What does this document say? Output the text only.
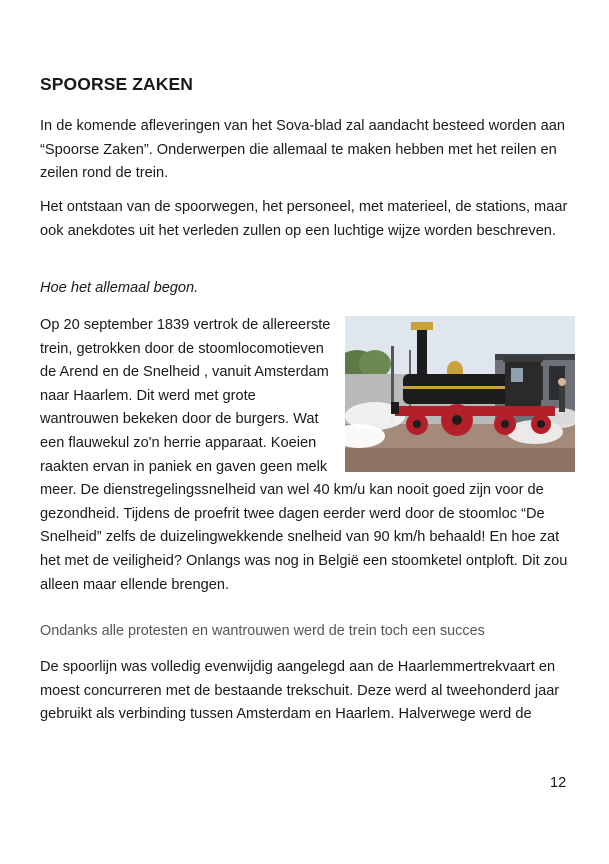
SPOORSE ZAKEN

In de komende afleveringen van het Sova-blad zal aandacht besteed worden aan “Spoorse Zaken”. Onderwerpen die allemaal te maken hebben met het reilen en zeilen rond de trein.

Het ontstaan van de spoorwegen, het personeel, met materieel, de stations, maar ook anekdotes uit het verleden zullen op een luchtige wijze worden beschreven.

Hoe het allemaal begon.

Op 20 september 1839 vertrok de allereerste trein, getrokken door de stoomlocomotieven de Arend en de Snelheid , vanuit Amsterdam naar Haarlem. Dit werd met grote wantrouwen bekeken door de burgers. Wat een flauwekul zo'n herrie apparaat. Koeien raakten ervan in paniek en gaven geen melk meer. De dienstregelingssnelheid van wel 40 km/u kan nooit goed zijn voor de gezondheid. Tijdens de proefrit twee dagen eerder werd door de stoomloc “De Snelheid” zelfs de duizelingwekkende snelheid van 90 km/h behaald! En hoe zat het met de veiligheid? Onlangs was nog in België een stoomketel ontploft. Dit zou alleen maar ellende brengen.

Ondanks alle protesten en wantrouwen werd de trein toch een succes

De spoorlijn was volledig evenwijdig aangelegd aan de Haarlemmertrekvaart en moest concurreren met de bestaande trekschuit. Deze werd al tweehonderd jaar gebruikt als verbinding tussen Amsterdam en Haarlem. Halverwege werd de

12
